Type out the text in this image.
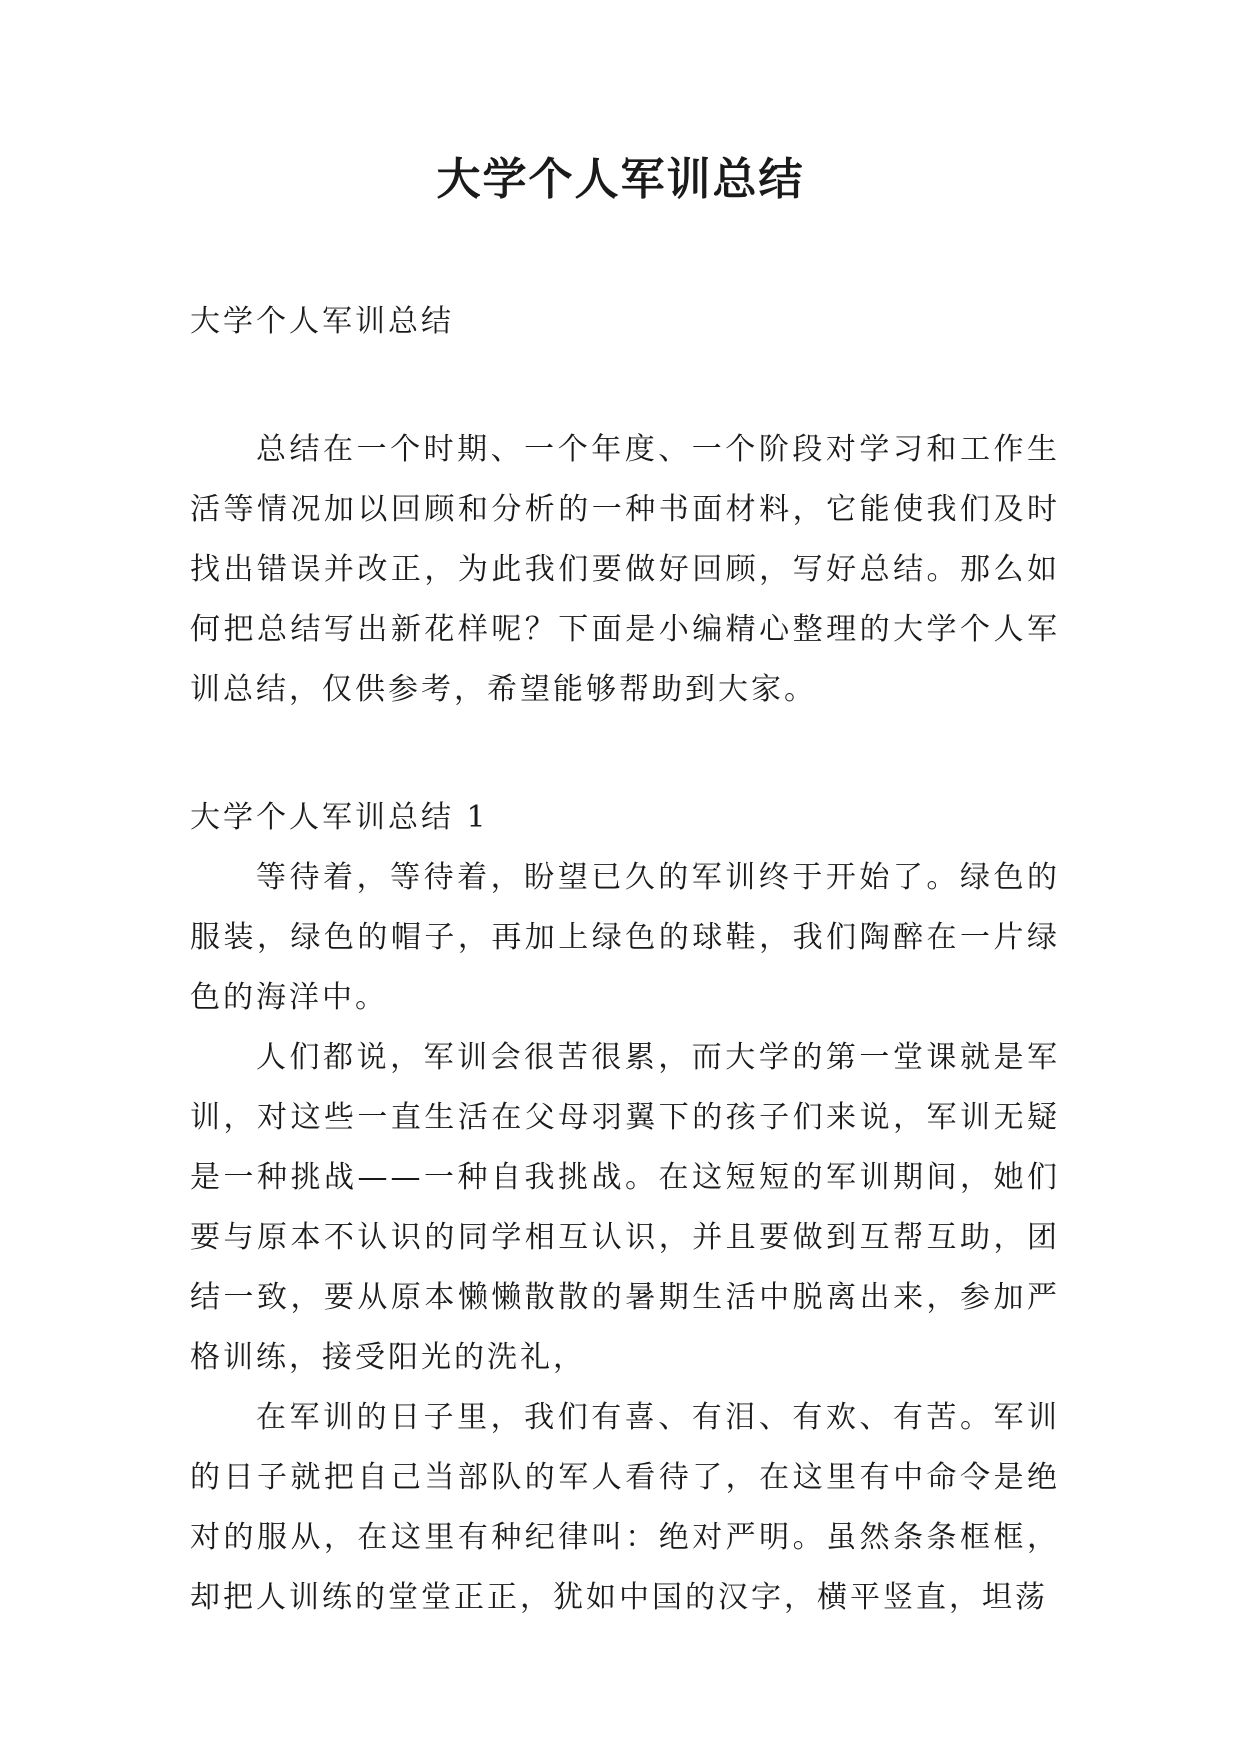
大学个人军训总结

大学个人军训总结

总结在一个时期、一个年度、一个阶段对学习和工作生活等情况加以回顾和分析的一种书面材料，它能使我们及时找出错误并改正，为此我们要做好回顾，写好总结。那么如何把总结写出新花样呢？下面是小编精心整理的大学个人军训总结，仅供参考，希望能够帮助到大家。

大学个人军训总结 1

等待着，等待着，盼望已久的军训终于开始了。绿色的服装，绿色的帽子，再加上绿色的球鞋，我们陶醉在一片绿色的海洋中。

人们都说，军训会很苦很累，而大学的第一堂课就是军训，对这些一直生活在父母羽翼下的孩子们来说，军训无疑是一种挑战——一种自我挑战。在这短短的军训期间，她们要与原本不认识的同学相互认识，并且要做到互帮互助，团结一致，要从原本懒懒散散的暑期生活中脱离出来，参加严格训练，接受阳光的洗礼，

在军训的日子里，我们有喜、有泪、有欢、有苦。军训的日子就把自己当部队的军人看待了，在这里有中命令是绝对的服从，在这里有种纪律叫：绝对严明。虽然条条框框，却把人训练的堂堂正正，犹如中国的汉字，横平竖直，坦荡
